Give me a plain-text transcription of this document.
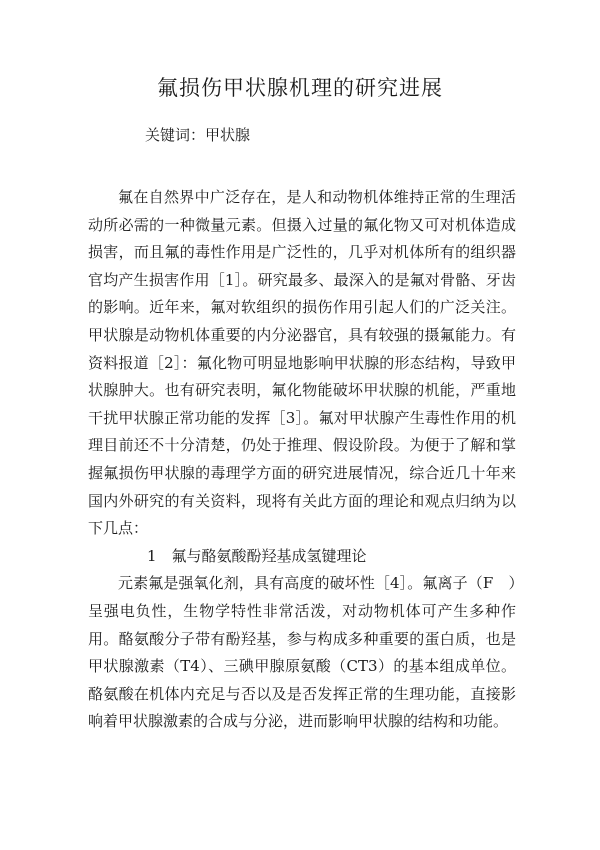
氟损伤甲状腺机理的研究进展
关键词：甲状腺

氟在自然界中广泛存在，是人和动物机体维持正常的生理活动所必需的一种微量元素。但摄入过量的氟化物又可对机体造成损害，而且氟的毒性作用是广泛性的，几乎对机体所有的组织器官均产生损害作用［1］。研究最多、最深入的是氟对骨骼、牙齿的影响。近年来，氟对软组织的损伤作用引起人们的广泛关注。甲状腺是动物机体重要的内分泌器官，具有较强的摄氟能力。有资料报道［2］：氟化物可明显地影响甲状腺的形态结构，导致甲状腺肿大。也有研究表明，氟化物能破坏甲状腺的机能，严重地干扰甲状腺正常功能的发挥［3］。氟对甲状腺产生毒性作用的机理目前还不十分清楚，仍处于推理、假设阶段。为便于了解和掌握氟损伤甲状腺的毒理学方面的研究进展情况，综合近几十年来国内外研究的有关资料，现将有关此方面的理论和观点归纳为以下几点：

1　氟与酪氨酸酚羟基成氢键理论

元素氟是强氧化剂，具有高度的破坏性［4］。氟离子（F　）呈强电负性，生物学特性非常活泼，对动物机体可产生多种作用。酪氨酸分子带有酚羟基，参与构成多种重要的蛋白质，也是甲状腺激素（T4）、三碘甲腺原氨酸（CT3）的基本组成单位。酪氨酸在机体内充足与否以及是否发挥正常的生理功能，直接影响着甲状腺激素的合成与分泌，进而影响甲状腺的结构和功能。
